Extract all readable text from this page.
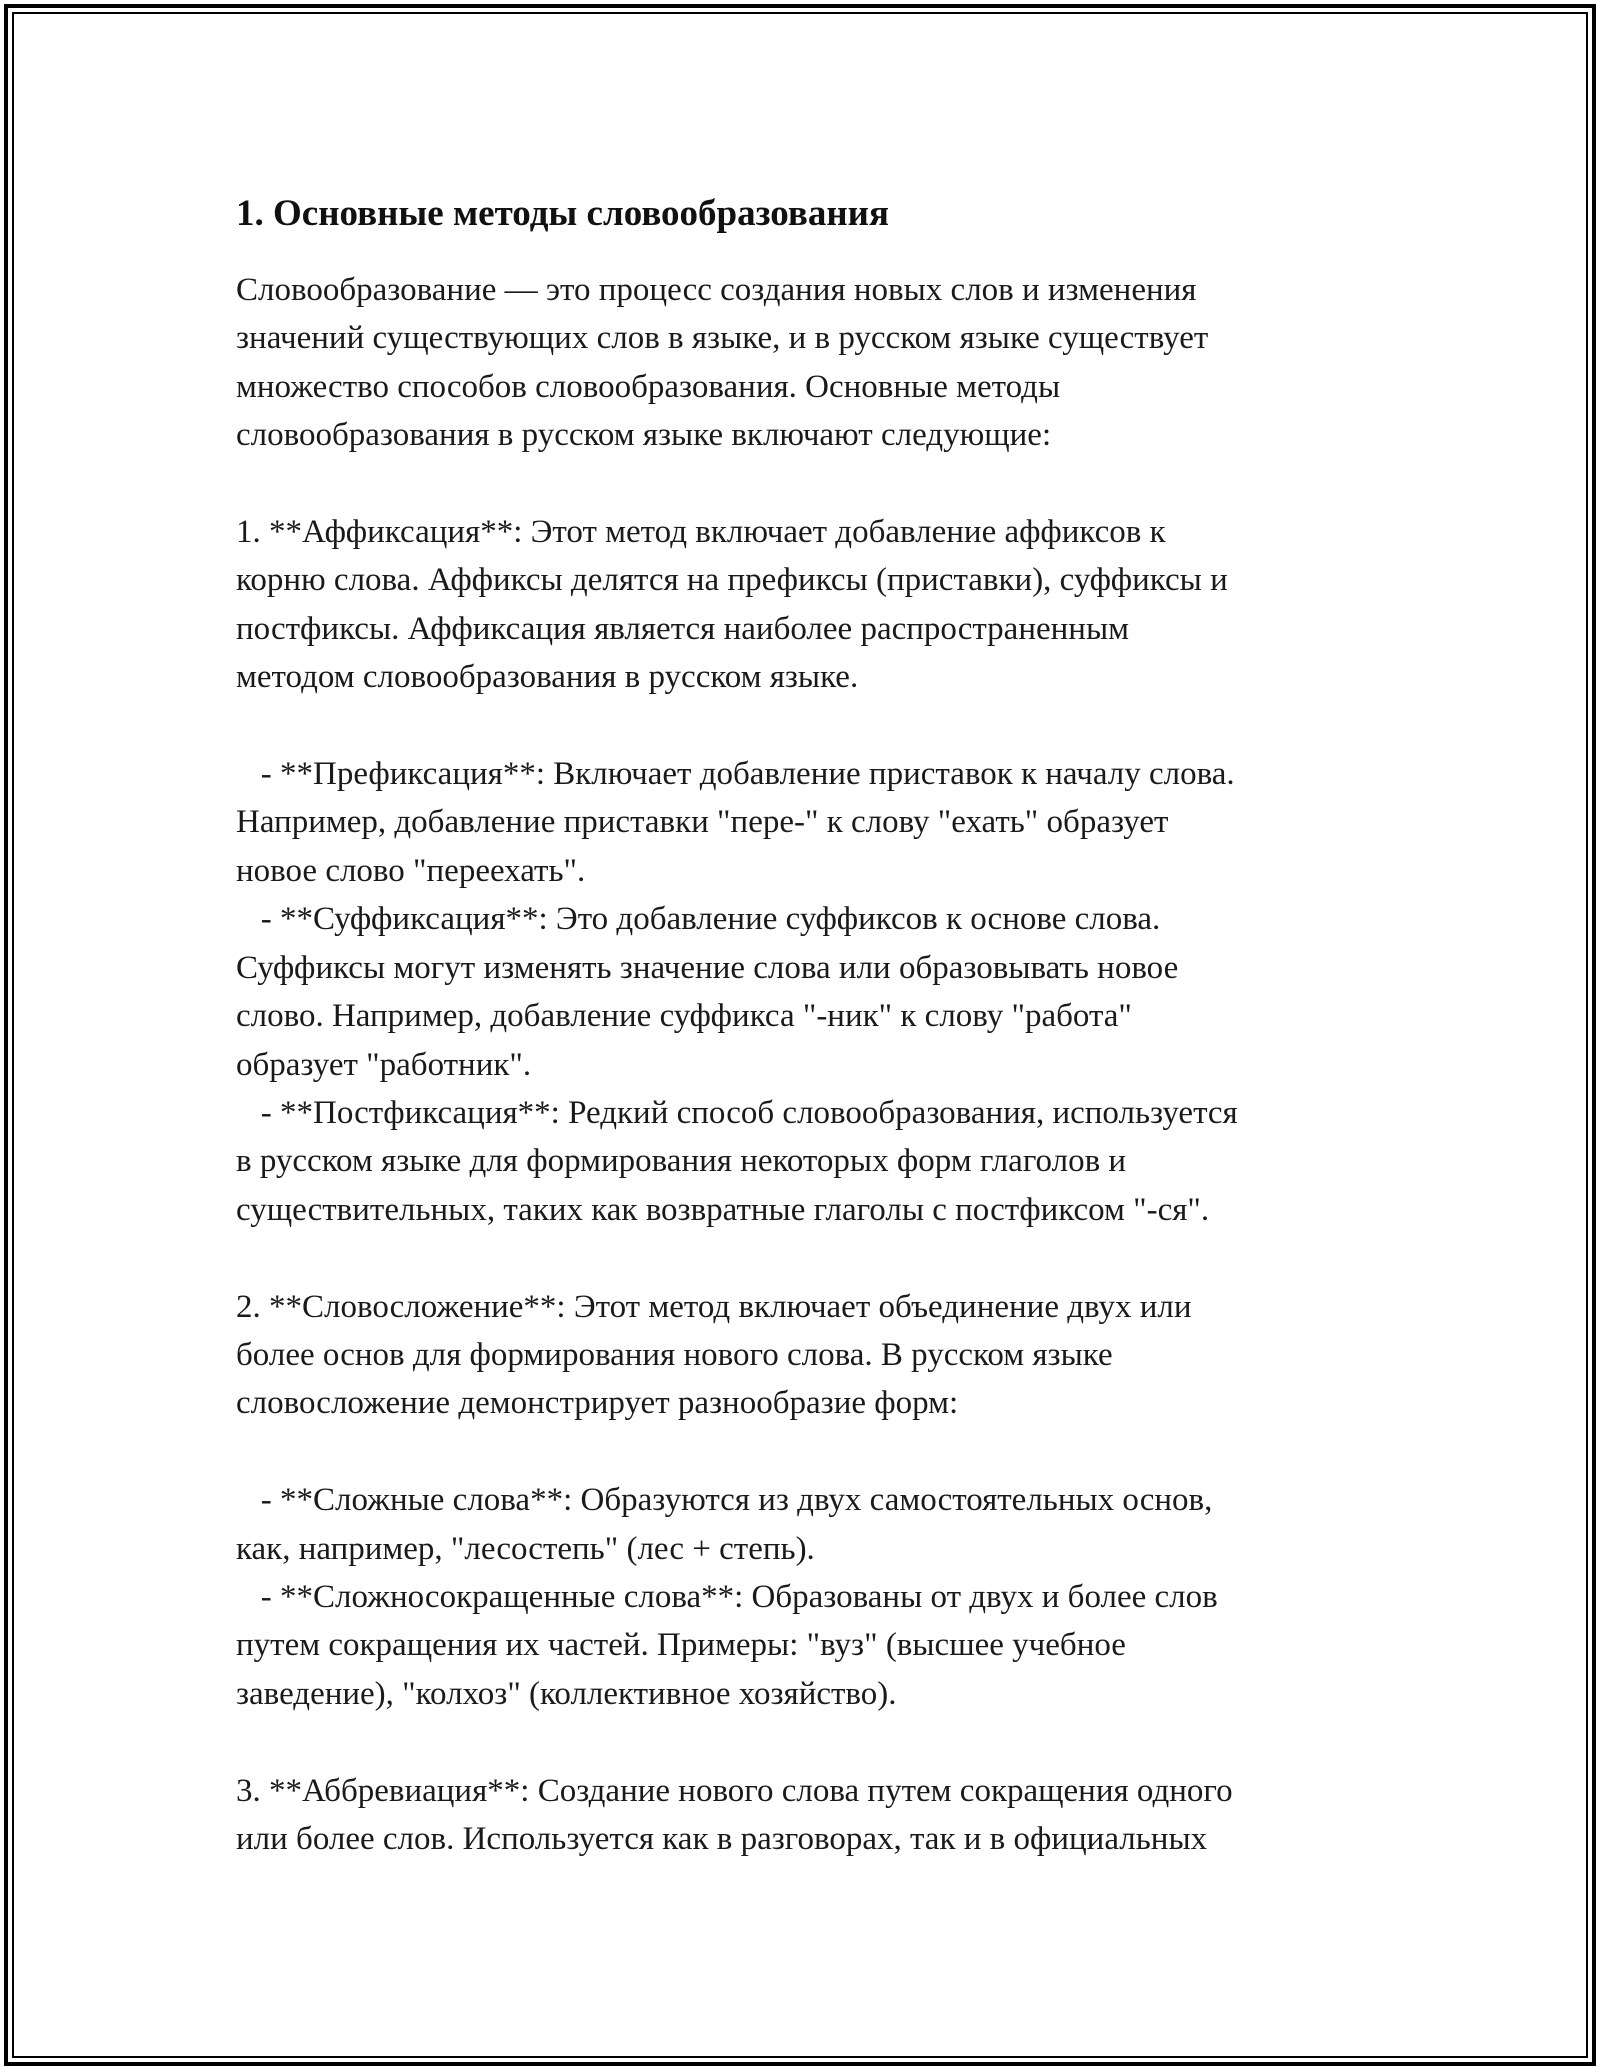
1. Основные методы словообразования

Словообразование — это процесс создания новых слов и изменения
значений существующих слов в языке, и в русском языке существует
множество способов словообразования. Основные методы
словообразования в русском языке включают следующие:

1. **Аффиксация**: Этот метод включает добавление аффиксов к
корню слова. Аффиксы делятся на префиксы (приставки), суффиксы и
постфиксы. Аффиксация является наиболее распространенным
методом словообразования в русском языке.

- **Префиксация**: Включает добавление приставок к началу слова.
Например, добавление приставки "пере-" к слову "ехать" образует
новое слово "переехать".
- **Суффиксация**: Это добавление суффиксов к основе слова.
Суффиксы могут изменять значение слова или образовывать новое
слово. Например, добавление суффикса "-ник" к слову "работа"
образует "работник".
- **Постфиксация**: Редкий способ словообразования, используется
в русском языке для формирования некоторых форм глаголов и
существительных, таких как возвратные глаголы с постфиксом "-ся".

2. **Словосложение**: Этот метод включает объединение двух или
более основ для формирования нового слова. В русском языке
словосложение демонстрирует разнообразие форм:

- **Сложные слова**: Образуются из двух самостоятельных основ,
как, например, "лесостепь" (лес + степь).
- **Сложносокращенные слова**: Образованы от двух и более слов
путем сокращения их частей. Примеры: "вуз" (высшее учебное
заведение), "колхоз" (коллективное хозяйство).

3. **Аббревиация**: Создание нового слова путем сокращения одного
или более слов. Используется как в разговорах, так и в официальных
